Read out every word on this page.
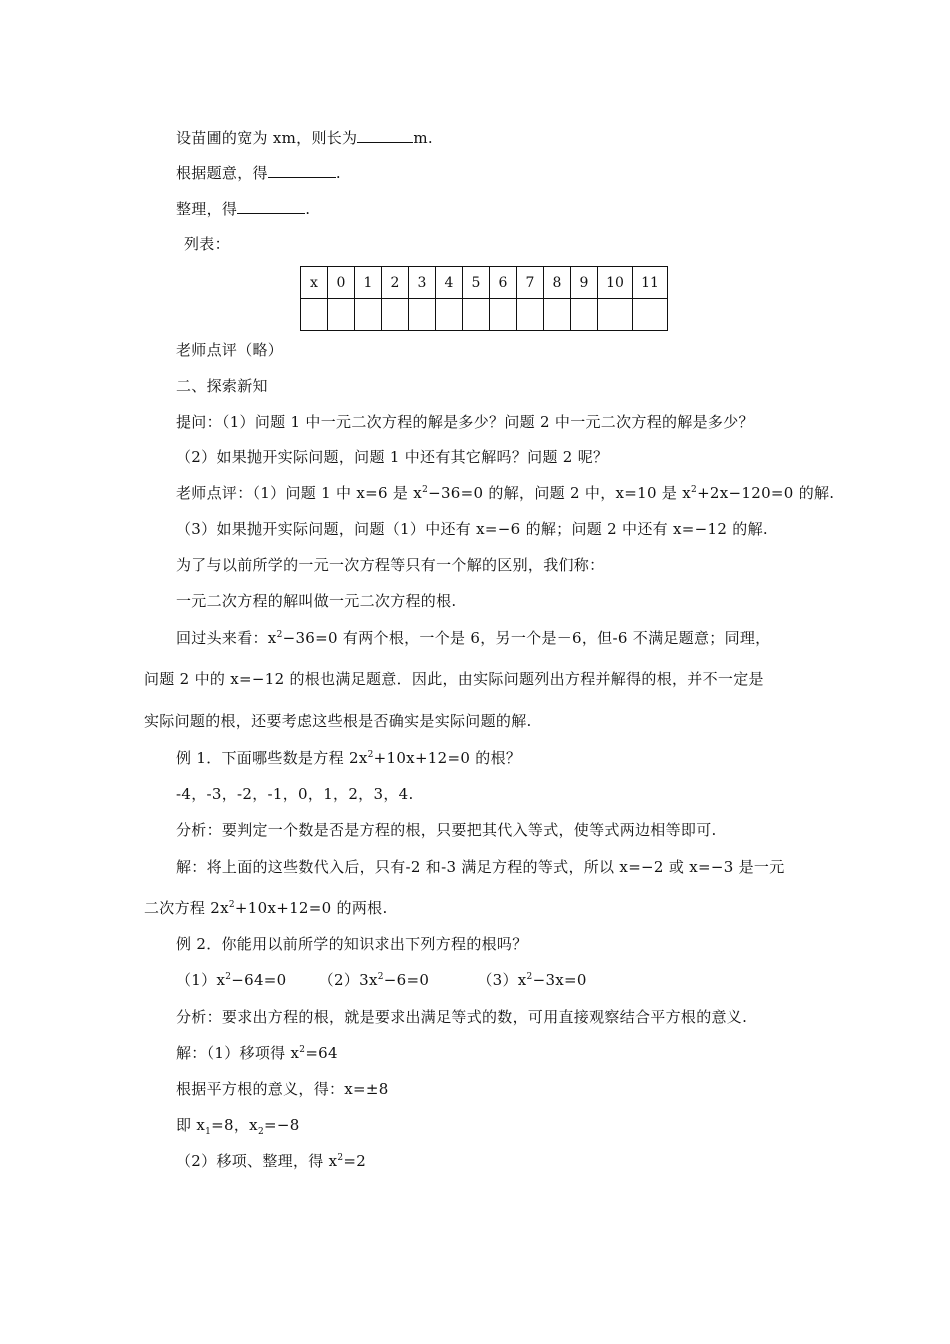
设苗圃的宽为 xm，则长为	m.
根据题意，得	.
整理，得	.
列表：
x	0	1	2	3	4	5	6	7	8	9	10	11

老师点评（略）
二、探索新知
提问：（1）问题 1 中一元二次方程的解是多少？问题 2 中一元二次方程的解是多少？
（2）如果抛开实际问题，问题 1 中还有其它解吗？问题 2 呢？
老师点评：（1）问题 1 中 x=6 是 $x^2-36=0$ 的解，问题 2 中，x=10 是 $x^2+2x-120=0$ 的解.
（3）如果抛开实际问题，问题（1）中还有 x=−6 的解；问题 2 中还有 x=−12 的解.
为了与以前所学的一元一次方程等只有一个解的区别，我们称：
一元二次方程的解叫做一元二次方程的根.
回过头来看：$x^2-36=0$ 有两个根，一个是 6，另一个是－6，但-6 不满足题意；同理，
问题 2 中的 x=−12 的根也满足题意．因此，由实际问题列出方程并解得的根，并不一定是
实际问题的根，还要考虑这些根是否确实是实际问题的解.
例 1．下面哪些数是方程 $2x^2+10x+12=0$ 的根？
-4，-3，-2，-1，0，1，2，3，4.
分析：要判定一个数是否是方程的根，只要把其代入等式，使等式两边相等即可.
解：将上面的这些数代入后，只有-2 和-3 满足方程的等式，所以 x=−2 或 x=−3 是一元
二次方程 $2x^2+10x+12=0$ 的两根.
例 2．你能用以前所学的知识求出下列方程的根吗？
$(1)x^2-64=0$ $(2)3x^2-6=0$	$(3)x^2-3x=0$
分析：要求出方程的根，就是要求出满足等式的数，可用直接观察结合平方根的意义.
解：（1）移项得 $x^2=64$
根据平方根的意义，得：x=±8
即 $x_1=8$，$x_2=-8$
（2）移项、整理，得 $x^2=2$
